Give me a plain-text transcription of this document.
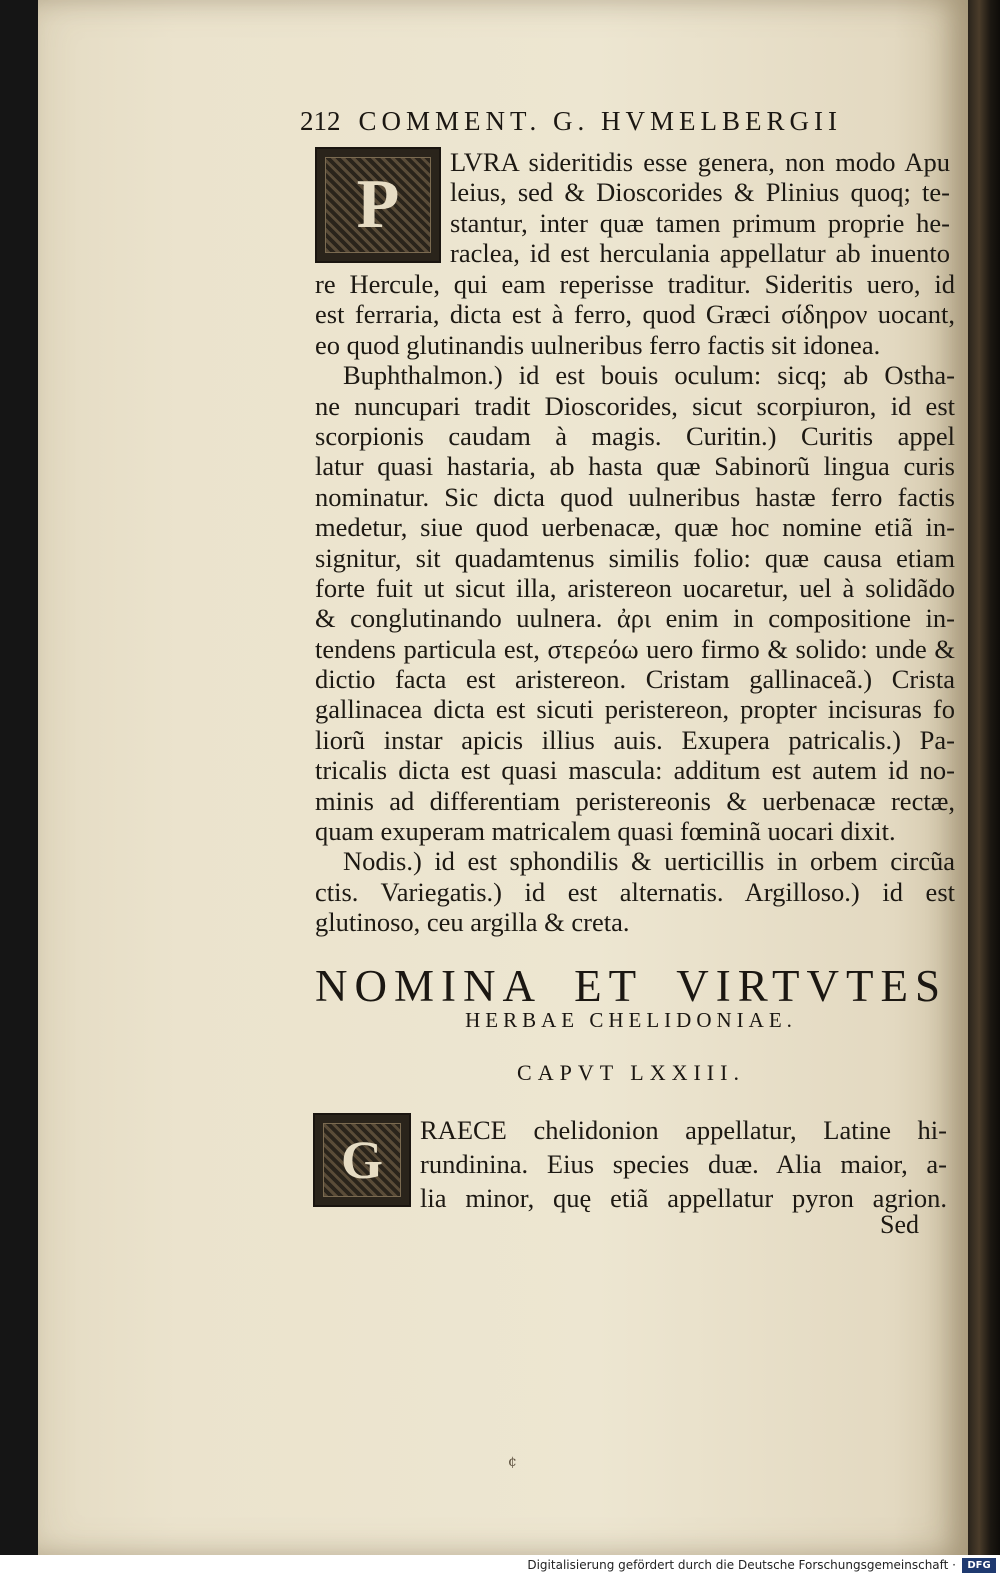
212 COMMENT. G. HVMELBERGII
P
LVRA sideritidis esse genera, non modo Apu
leius, sed & Dioscorides & Plinius quoq; te-
stantur, inter quæ tamen primum proprie he-
raclea, id est herculania appellatur ab inuento
re Hercule, qui eam reperisse traditur. Sideritis uero, id
est ferraria, dicta est à ferro, quod Græci σίδηρον uocant,
eo quod glutinandis uulneribus ferro factis sit idonea.
Buphthalmon.) id est bouis oculum: sicq; ab Ostha-
ne nuncupari tradit Dioscorides, sicut scorpiuron, id est
scorpionis caudam à magis. Curitin.) Curitis appel
latur quasi hastaria, ab hasta quæ Sabinorũ lingua curis
nominatur. Sic dicta quod uulneribus hastæ ferro factis
medetur, siue quod uerbenacæ, quæ hoc nomine etiã in-
signitur, sit quadamtenus similis folio: quæ causa etiam
forte fuit ut sicut illa, aristereon uocaretur, uel à solidãdo
& conglutinando uulnera. ἀρι enim in compositione in-
tendens particula est, στερεόω uero firmo & solido: unde &
dictio facta est aristereon. Cristam gallinaceã.) Crista
gallinacea dicta est sicuti peristereon, propter incisuras fo
liorũ instar apicis illius auis. Exupera patricalis.) Pa-
tricalis dicta est quasi mascula: additum est autem id no-
minis ad differentiam peristereonis & uerbenacæ rectæ,
quam exuperam matricalem quasi fœminã uocari dixit.
Nodis.) id est sphondilis & uerticillis in orbem circũa
ctis. Variegatis.) id est alternatis. Argilloso.) id est
glutinoso, ceu argilla & creta.
NOMINA ET VIRTVTES
HERBAE CHELIDONIAE.
CAPVT LXXIII.
G	RAECE chelidonion appellatur, Latine hi-
rundinina. Eius species duæ. Alia maior, a-
lia minor, quę etiã appellatur pyron agrion.
Sed
¢
Digitalisierung gefördert durch die Deutsche Forschungsgemeinschaft ·	DFG
